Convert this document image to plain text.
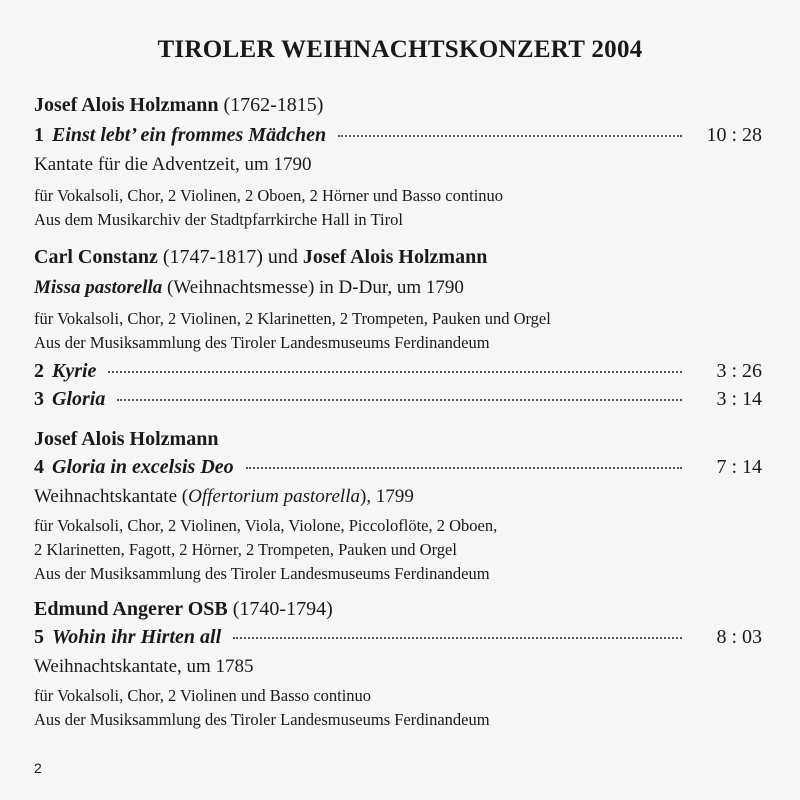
TIROLER WEIHNACHTSKONZERT 2004
Josef Alois Holzmann (1762-1815)
1 Einst lebt’ ein frommes Mädchen	10 : 28
Kantate für die Adventzeit, um 1790
für Vokalsoli, Chor, 2 Violinen, 2 Oboen, 2 Hörner und Basso continuo
Aus dem Musikarchiv der Stadtpfarrkirche Hall in Tirol
Carl Constanz (1747-1817) und Josef Alois Holzmann
Missa pastorella (Weihnachtsmesse) in D-Dur, um 1790
für Vokalsoli, Chor, 2 Violinen, 2 Klarinetten, 2 Trompeten, Pauken und Orgel
Aus der Musiksammlung des Tiroler Landesmuseums Ferdinandeum
2 Kyrie	3 : 26
3 Gloria	3 : 14
Josef Alois Holzmann
4 Gloria in excelsis Deo	7 : 14
Weihnachtskantate (Offertorium pastorella), 1799
für Vokalsoli, Chor, 2 Violinen, Viola, Violone, Piccoloflöte, 2 Oboen,
2 Klarinetten, Fagott, 2 Hörner, 2 Trompeten, Pauken und Orgel
Aus der Musiksammlung des Tiroler Landesmuseums Ferdinandeum
Edmund Angerer OSB (1740-1794)
5 Wohin ihr Hirten all	8 : 03
Weihnachtskantate, um 1785
für Vokalsoli, Chor, 2 Violinen und Basso continuo
Aus der Musiksammlung des Tiroler Landesmuseums Ferdinandeum
2
